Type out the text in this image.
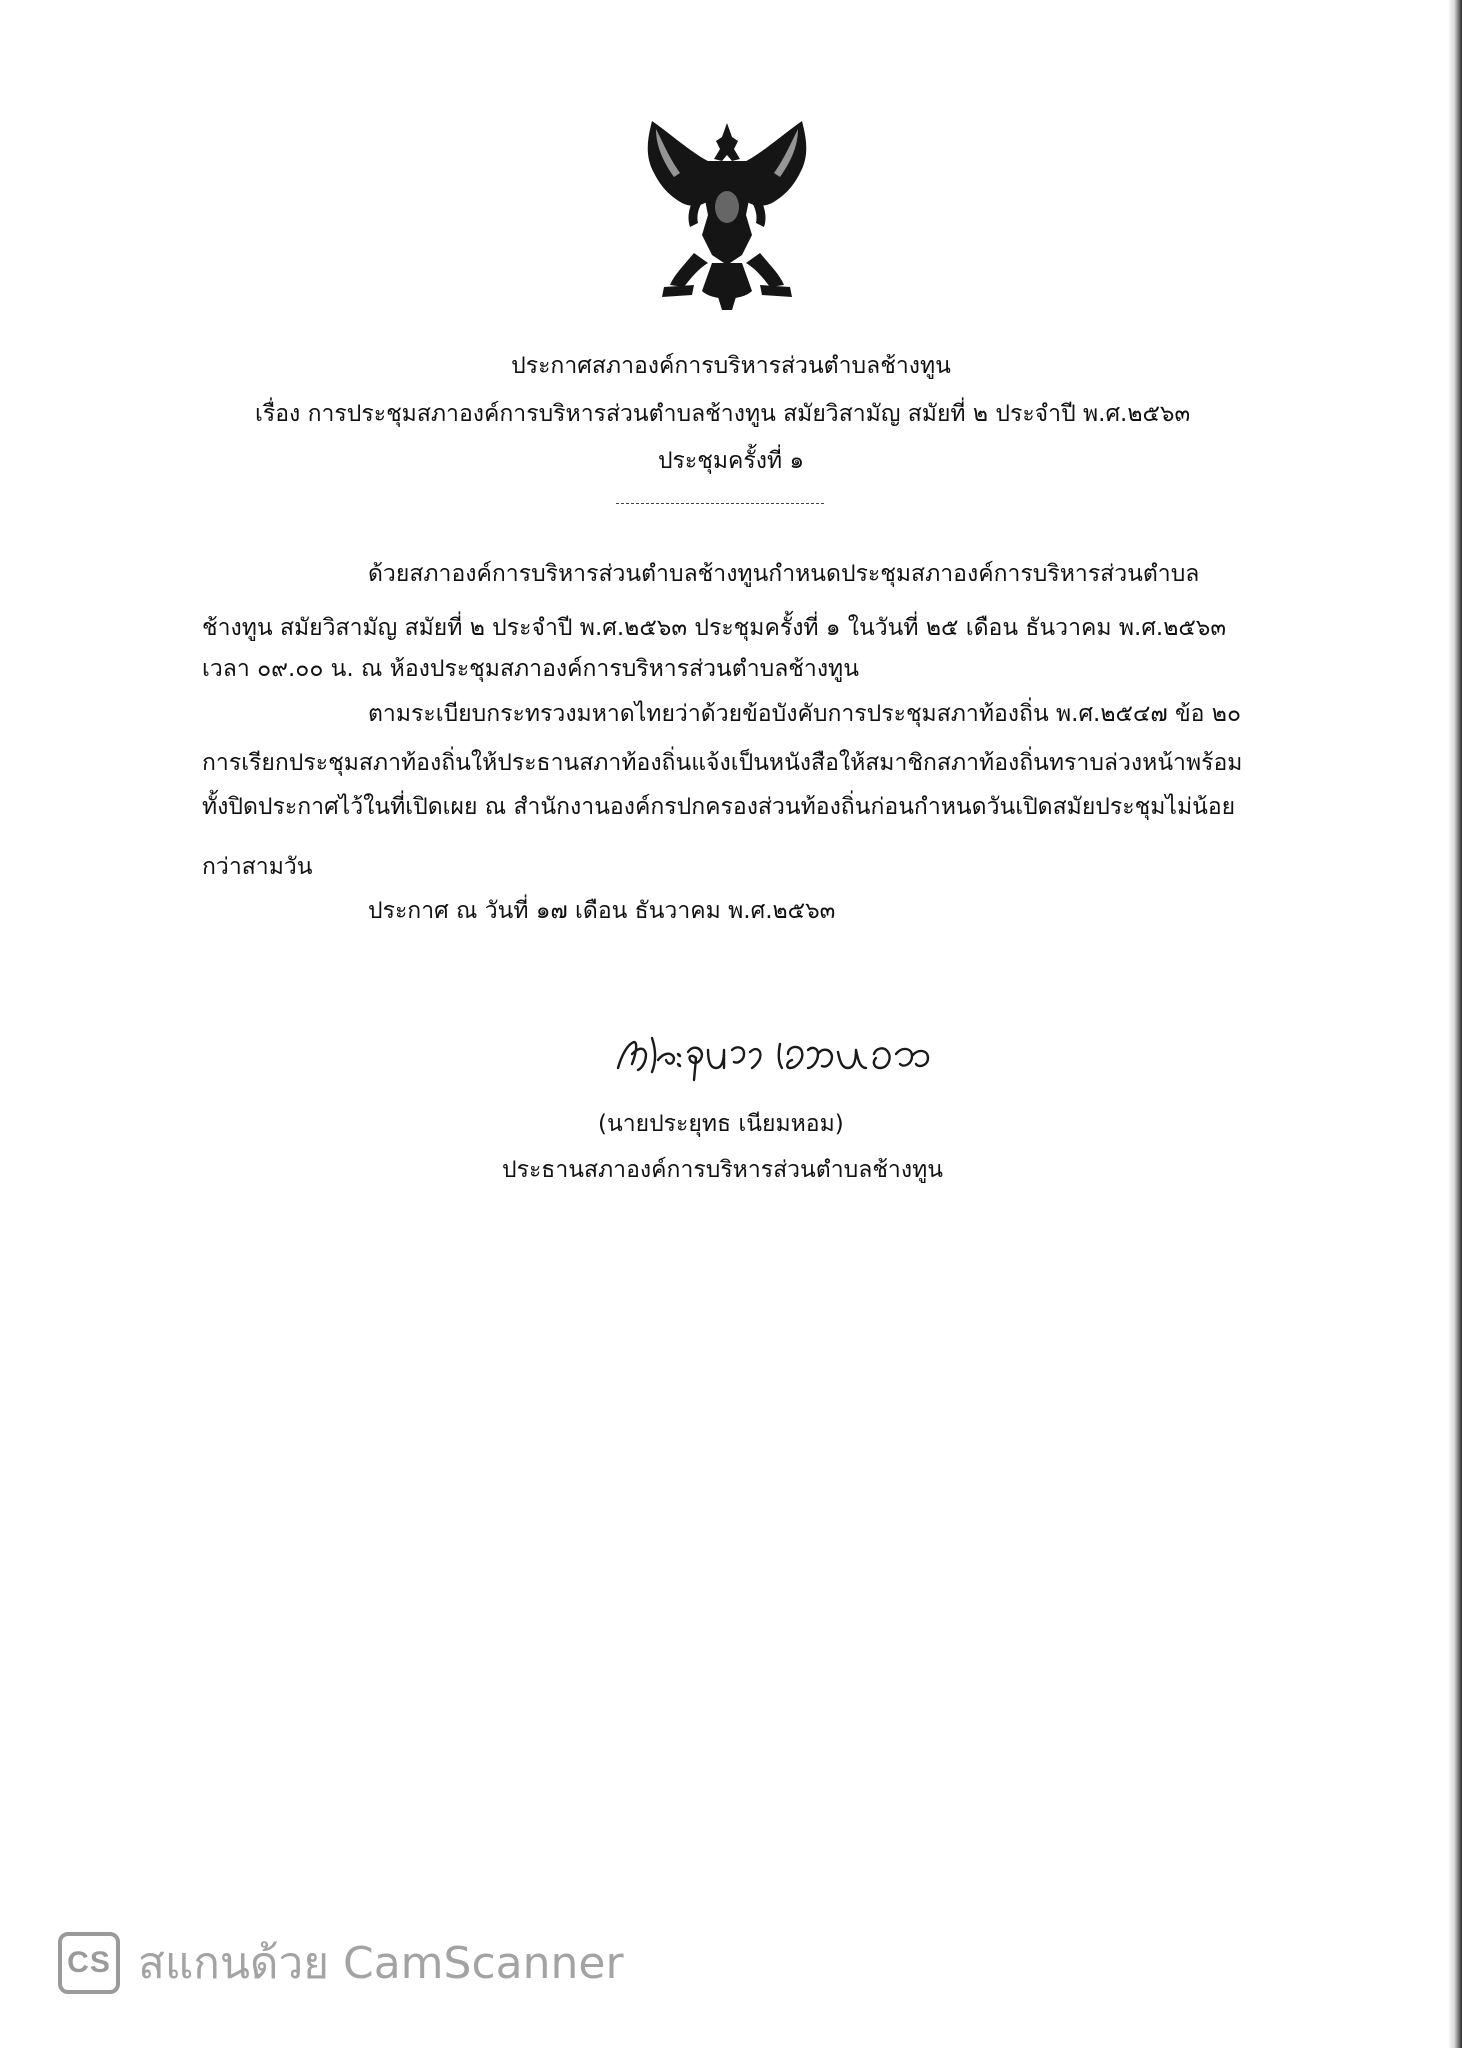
ประกาศสภาองค์การบริหารส่วนตำบลช้างทูน
เรื่อง การประชุมสภาองค์การบริหารส่วนตำบลช้างทูน สมัยวิสามัญ สมัยที่ ๒ ประจำปี พ.ศ.๒๕๖๓
ประชุมครั้งที่ ๑
ด้วยสภาองค์การบริหารส่วนตำบลช้างทูนกำหนดประชุมสภาองค์การบริหารส่วนตำบล
ช้างทูน สมัยวิสามัญ สมัยที่ ๒ ประจำปี พ.ศ.๒๕๖๓ ประชุมครั้งที่ ๑ ในวันที่ ๒๕ เดือน ธันวาคม พ.ศ.๒๕๖๓
เวลา ๐๙.๐๐ น. ณ ห้องประชุมสภาองค์การบริหารส่วนตำบลช้างทูน
ตามระเบียบกระทรวงมหาดไทยว่าด้วยข้อบังคับการประชุมสภาท้องถิ่น พ.ศ.๒๕๔๗ ข้อ ๒๐
การเรียกประชุมสภาท้องถิ่นให้ประธานสภาท้องถิ่นแจ้งเป็นหนังสือให้สมาชิกสภาท้องถิ่นทราบล่วงหน้าพร้อม
ทั้งปิดประกาศไว้ในที่เปิดเผย ณ สำนักงานองค์กรปกครองส่วนท้องถิ่นก่อนกำหนดวันเปิดสมัยประชุมไม่น้อย
กว่าสามวัน
ประกาศ ณ วันที่ ๑๗ เดือน ธันวาคม พ.ศ.๒๕๖๓
(นายประยุทธ เนียมหอม)
ประธานสภาองค์การบริหารส่วนตำบลช้างทูน
CS สแกนด้วย CamScanner
